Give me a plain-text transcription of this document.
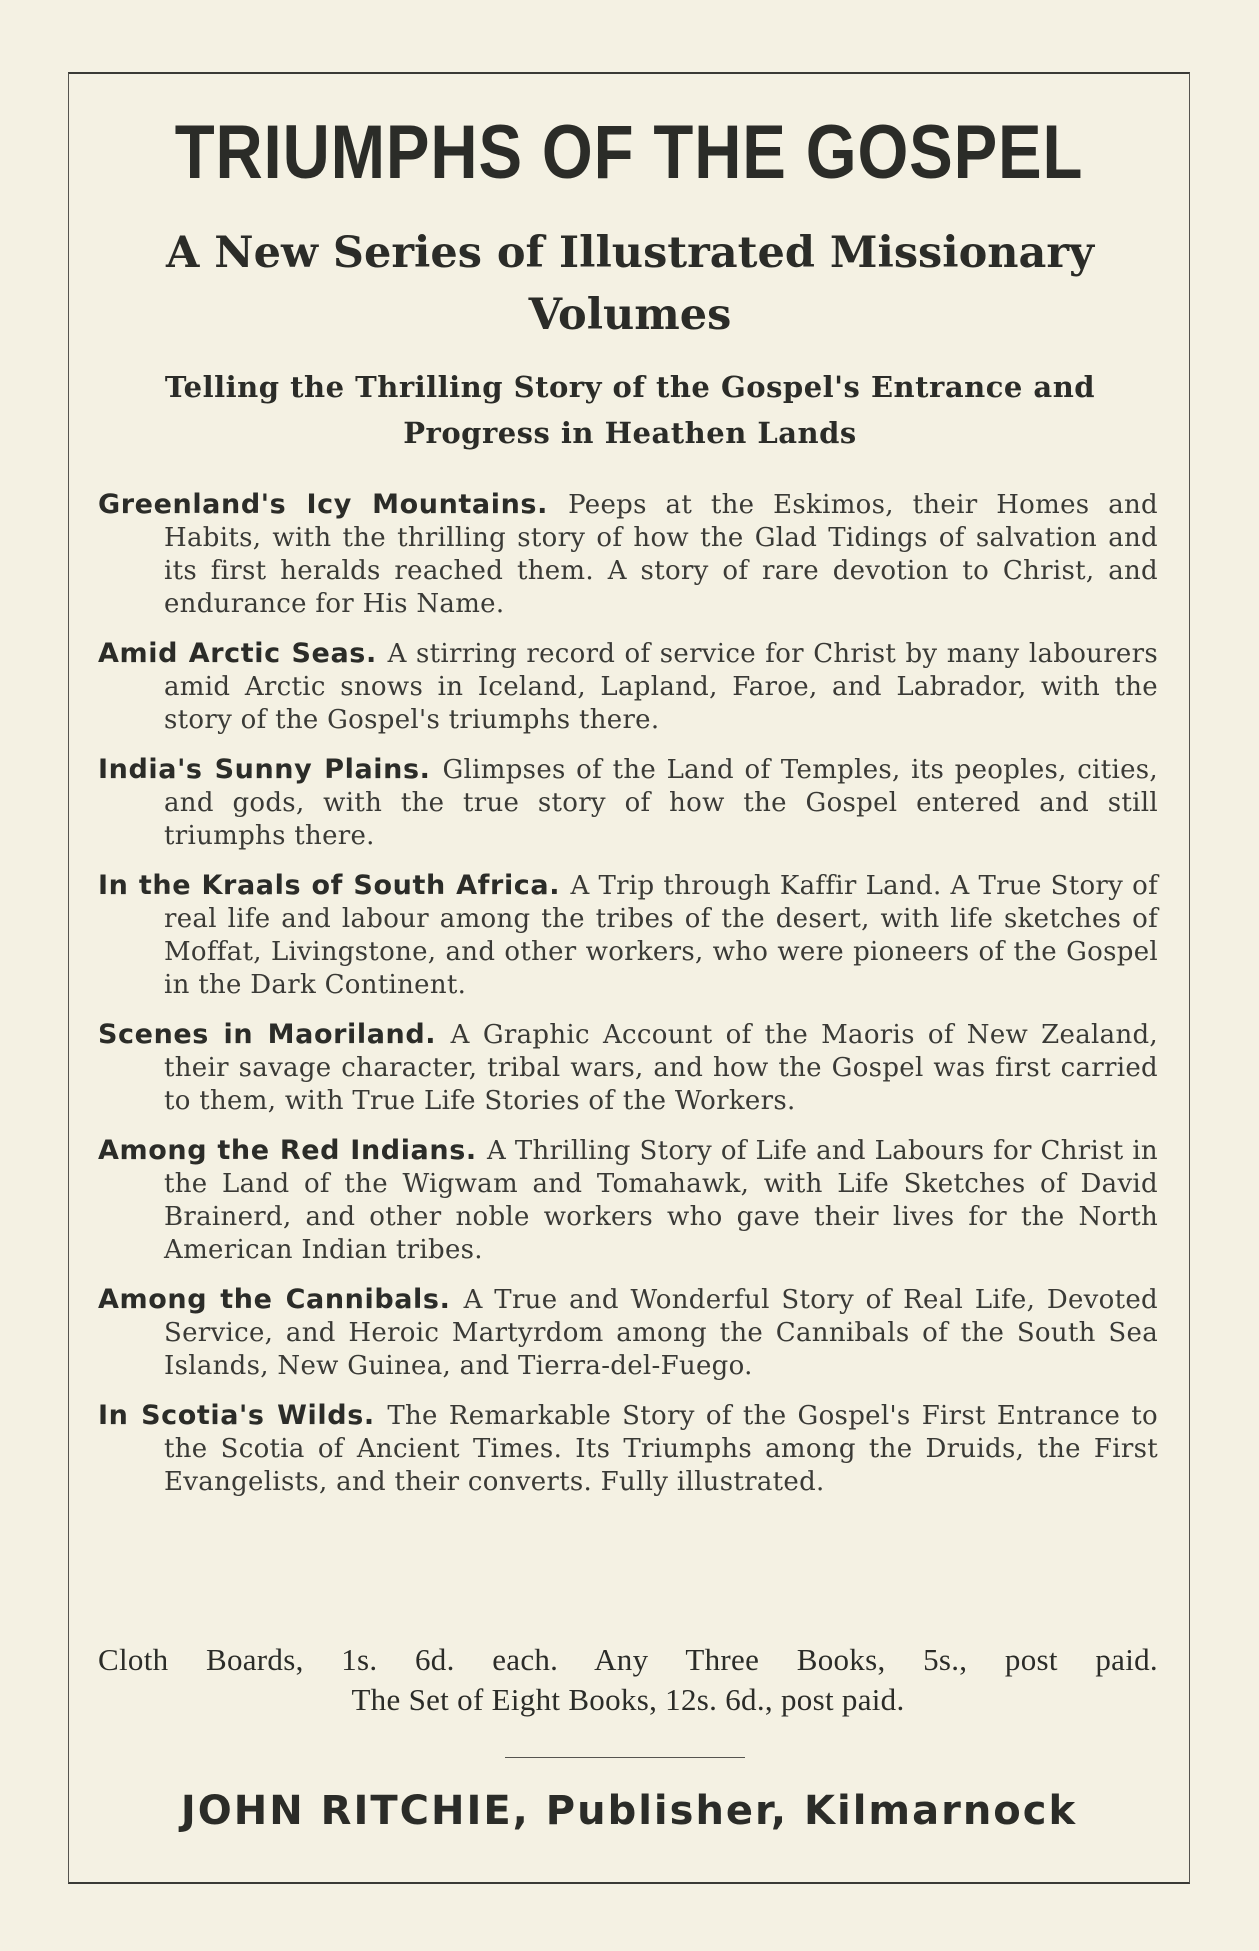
TRIUMPHS OF THE GOSPEL
A New Series of Illustrated Missionary Volumes
Telling the Thrilling Story of the Gospel's Entrance and Progress in Heathen Lands
Greenland's Icy Mountains. Peeps at the Eskimos, their Homes and Habits, with the thrilling story of how the Glad Tidings of salvation and its first heralds reached them. A story of rare devotion to Christ, and endurance for His Name.
Amid Arctic Seas. A stirring record of service for Christ by many labourers amid Arctic snows in Iceland, Lapland, Faroe, and Labrador, with the story of the Gospel's triumphs there.
India's Sunny Plains. Glimpses of the Land of Temples, its peoples, cities, and gods, with the true story of how the Gospel entered and still triumphs there.
In the Kraals of South Africa. A Trip through Kaffir Land. A True Story of real life and labour among the tribes of the desert, with life sketches of Moffat, Livingstone, and other workers, who were pioneers of the Gospel in the Dark Continent.
Scenes in Maoriland. A Graphic Account of the Maoris of New Zealand, their savage character, tribal wars, and how the Gospel was first carried to them, with True Life Stories of the Workers.
Among the Red Indians. A Thrilling Story of Life and Labours for Christ in the Land of the Wigwam and Tomahawk, with Life Sketches of David Brainerd, and other noble workers who gave their lives for the North American Indian tribes.
Among the Cannibals. A True and Wonderful Story of Real Life, Devoted Service, and Heroic Martyrdom among the Cannibals of the South Sea Islands, New Guinea, and Tierra-del-Fuego.
In Scotia's Wilds. The Remarkable Story of the Gospel's First Entrance to the Scotia of Ancient Times. Its Triumphs among the Druids, the First Evangelists, and their converts. Fully illustrated.
Cloth Boards, 1s. 6d. each. Any Three Books, 5s., post paid.
The Set of Eight Books, 12s. 6d., post paid.
JOHN RITCHIE, Publisher, Kilmarnock
